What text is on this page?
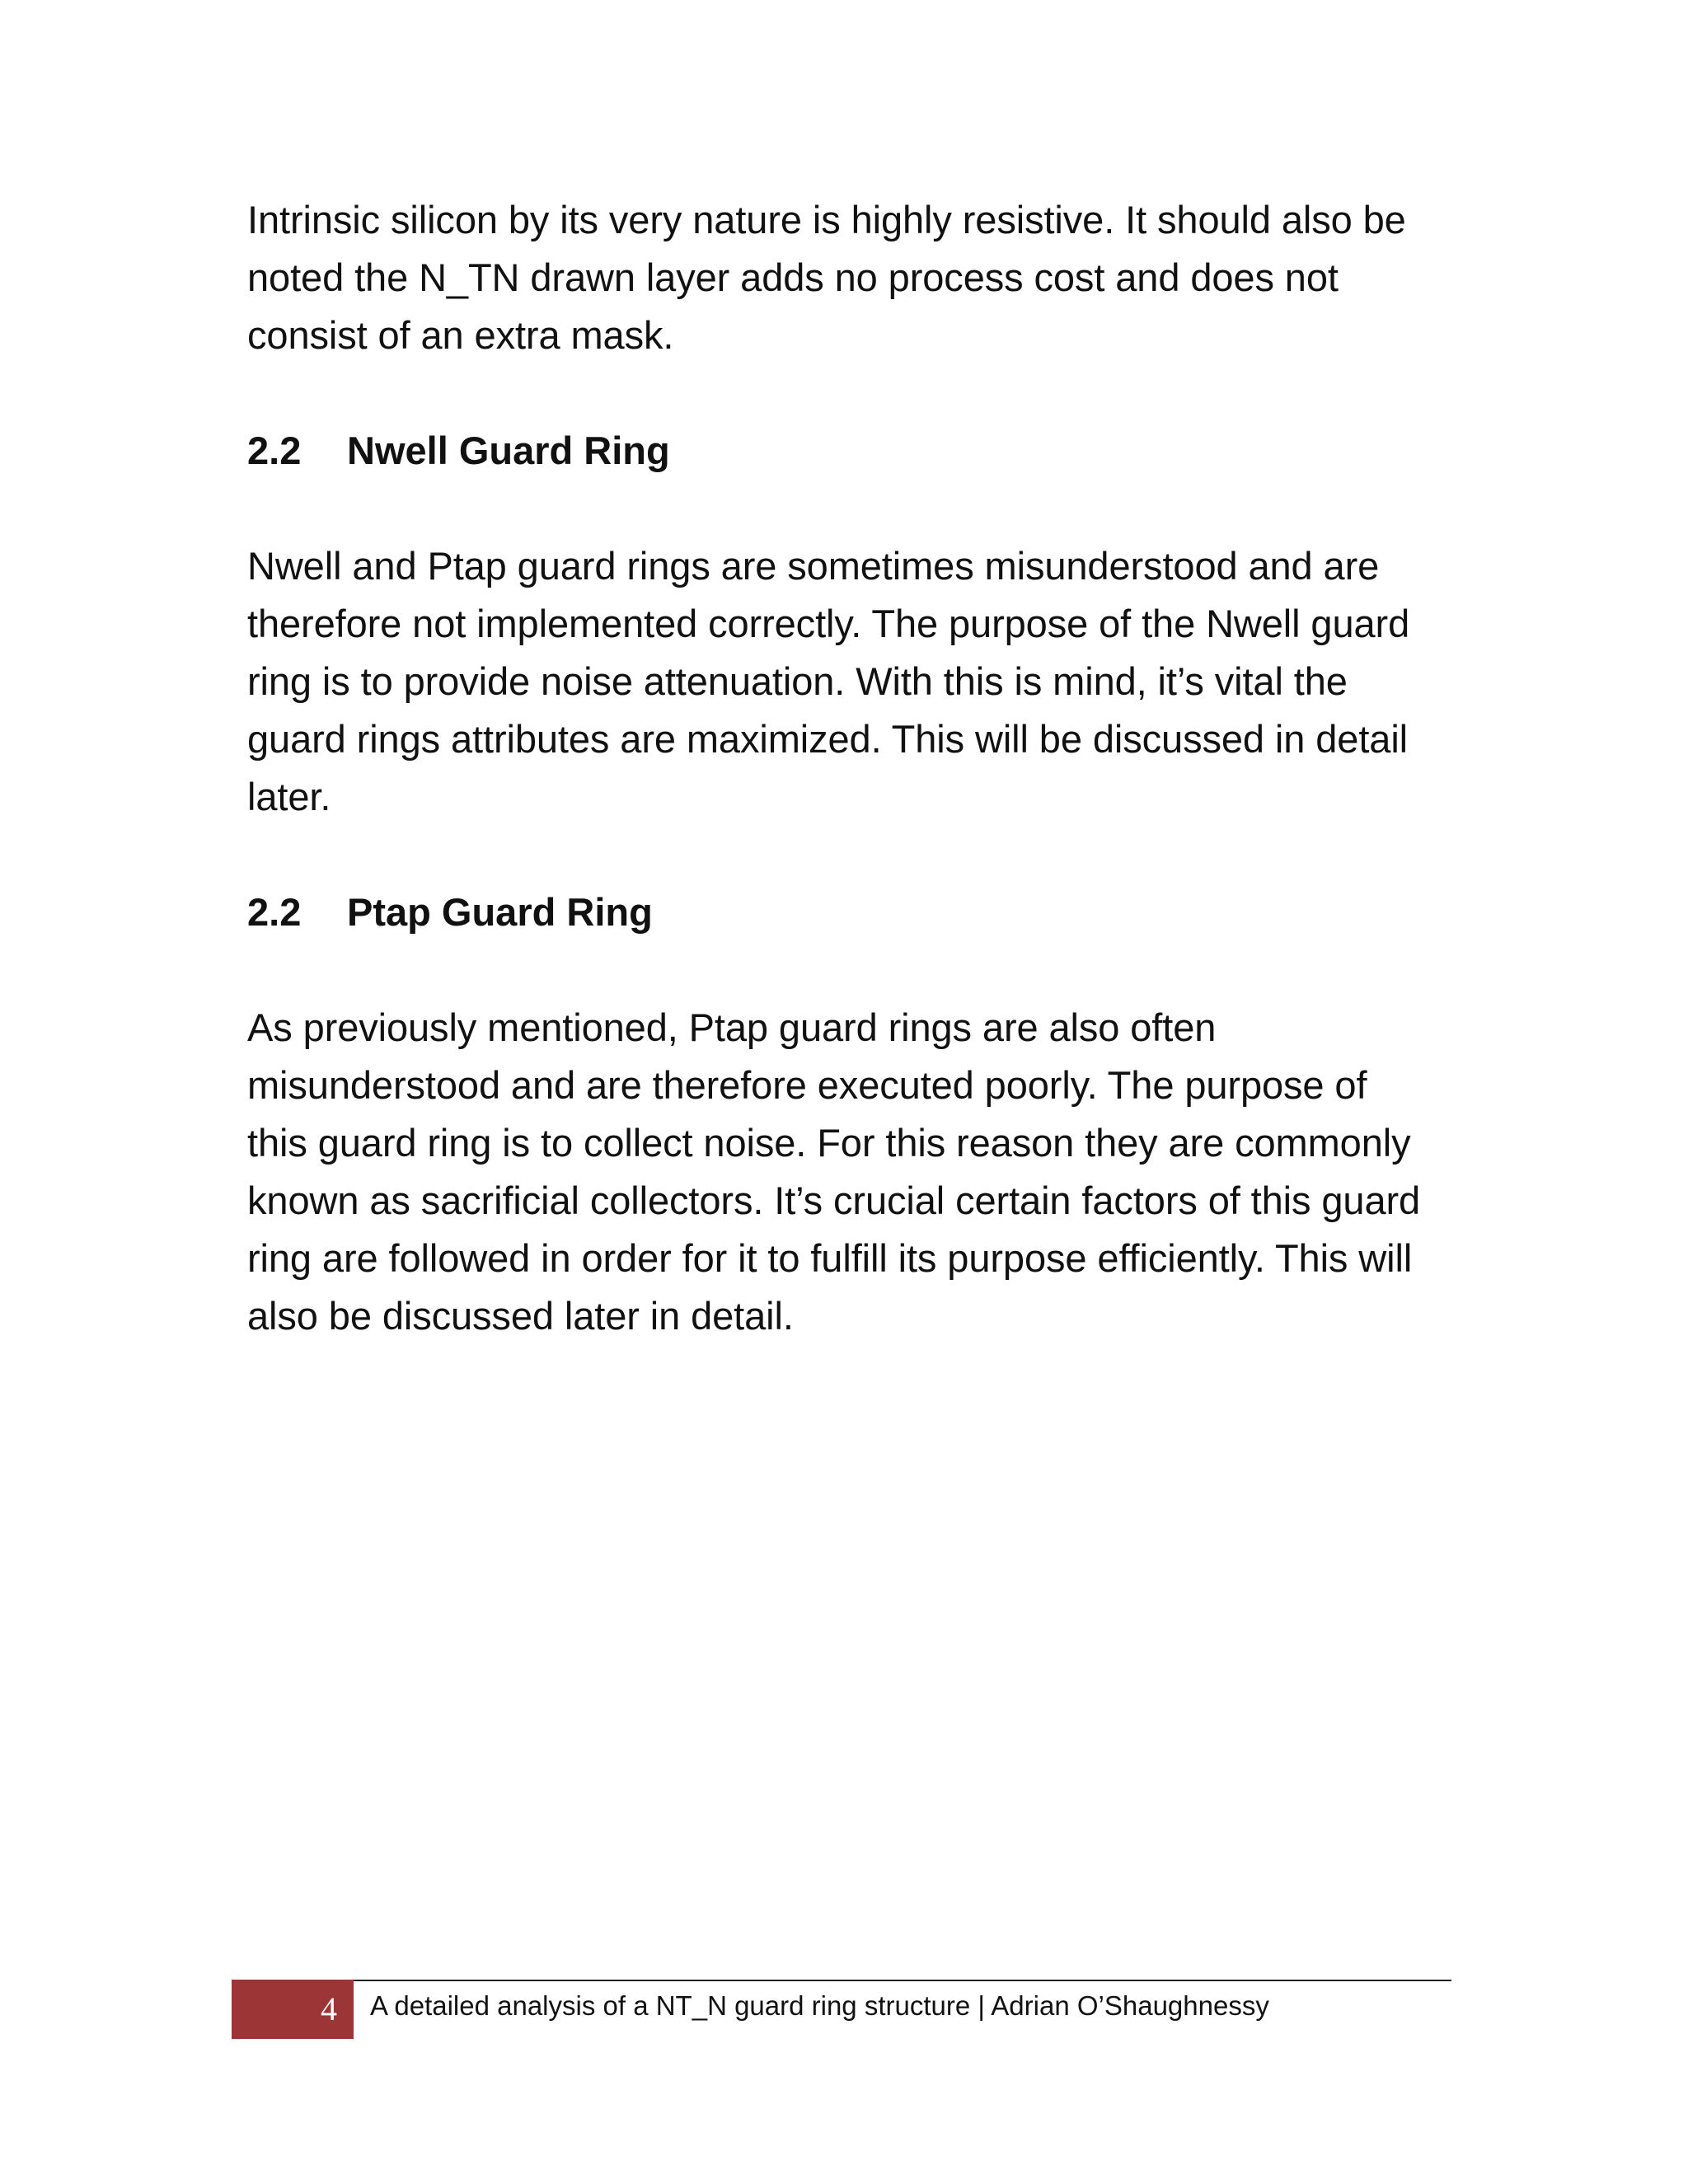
Intrinsic silicon by its very nature is highly resistive. It should also be
noted the N_TN drawn layer adds no process cost and does not
consist of an extra mask.
2.2	Nwell Guard Ring
Nwell and Ptap guard rings are sometimes misunderstood and are
therefore not implemented correctly. The purpose of the Nwell guard
ring is to provide noise attenuation. With this is mind, it’s vital the
guard rings attributes are maximized. This will be discussed in detail
later.
2.2	Ptap Guard Ring
As previously mentioned, Ptap guard rings are also often
misunderstood and are therefore executed poorly. The purpose of
this guard ring is to collect noise. For this reason they are commonly
known as sacrificial collectors. It’s crucial certain factors of this guard
ring are followed in order for it to fulfill its purpose efficiently. This will
also be discussed later in detail.
4	A detailed analysis of a NT_N guard ring structure | Adrian O’Shaughnessy
